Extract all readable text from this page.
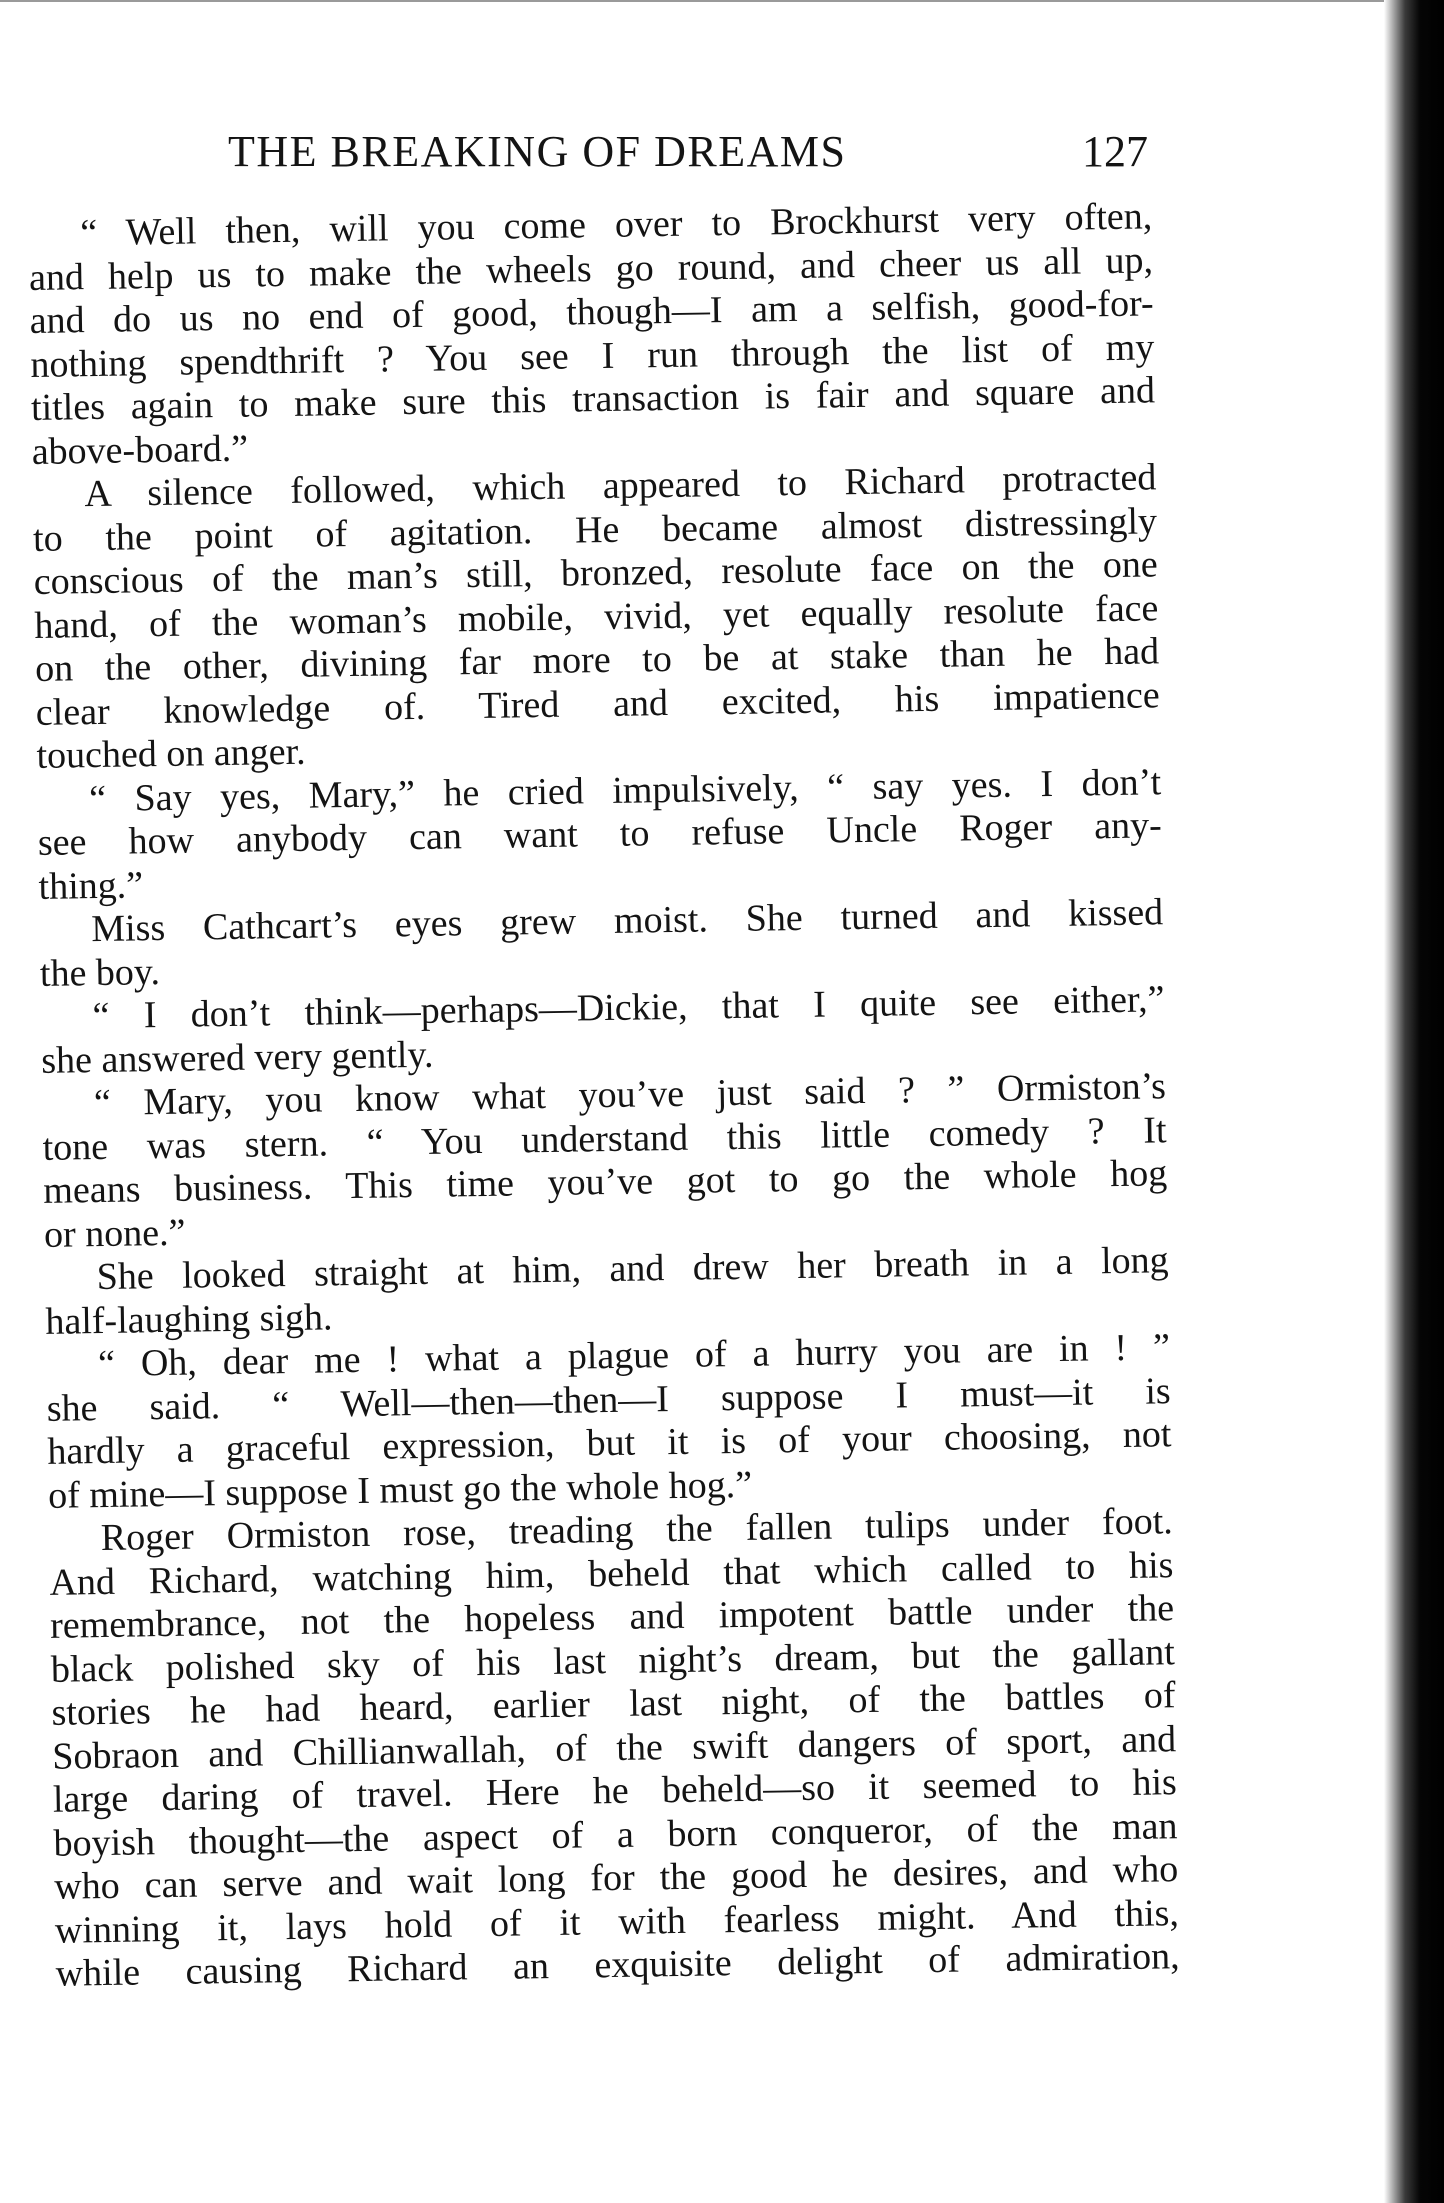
THE BREAKING OF DREAMS	127
“ Well then, will you come over to Brockhurst very often,
and help us to make the wheels go round, and cheer us all up,
and do us no end of good, though—I am a selfish, good-for-
nothing spendthrift ? You see I run through the list of my
titles again to make sure this transaction is fair and square and
above-board.”
A silence followed, which appeared to Richard protracted
to the point of agitation. He became almost distressingly
conscious of the man’s still, bronzed, resolute face on the one
hand, of the woman’s mobile, vivid, yet equally resolute face
on the other, divining far more to be at stake than he had
clear knowledge of. Tired and excited, his impatience
touched on anger.
“ Say yes, Mary,” he cried impulsively, “ say yes. I don’t
see how anybody can want to refuse Uncle Roger any-
thing.”
Miss Cathcart’s eyes grew moist. She turned and kissed
the boy.
“ I don’t think—perhaps—Dickie, that I quite see either,”
she answered very gently.
“ Mary, you know what you’ve just said ? ” Ormiston’s
tone was stern. “ You understand this little comedy ? It
means business. This time you’ve got to go the whole hog
or none.”
She looked straight at him, and drew her breath in a long
half-laughing sigh.
“ Oh, dear me ! what a plague of a hurry you are in ! ”
she said. “ Well—then—then—I suppose I must—it is
hardly a graceful expression, but it is of your choosing, not
of mine—I suppose I must go the whole hog.”
Roger Ormiston rose, treading the fallen tulips under foot.
And Richard, watching him, beheld that which called to his
remembrance, not the hopeless and impotent battle under the
black polished sky of his last night’s dream, but the gallant
stories he had heard, earlier last night, of the battles of
Sobraon and Chillianwallah, of the swift dangers of sport, and
large daring of travel. Here he beheld—so it seemed to his
boyish thought—the aspect of a born conqueror, of the man
who can serve and wait long for the good he desires, and who
winning it, lays hold of it with fearless might. And this,
while causing Richard an exquisite delight of admiration,
